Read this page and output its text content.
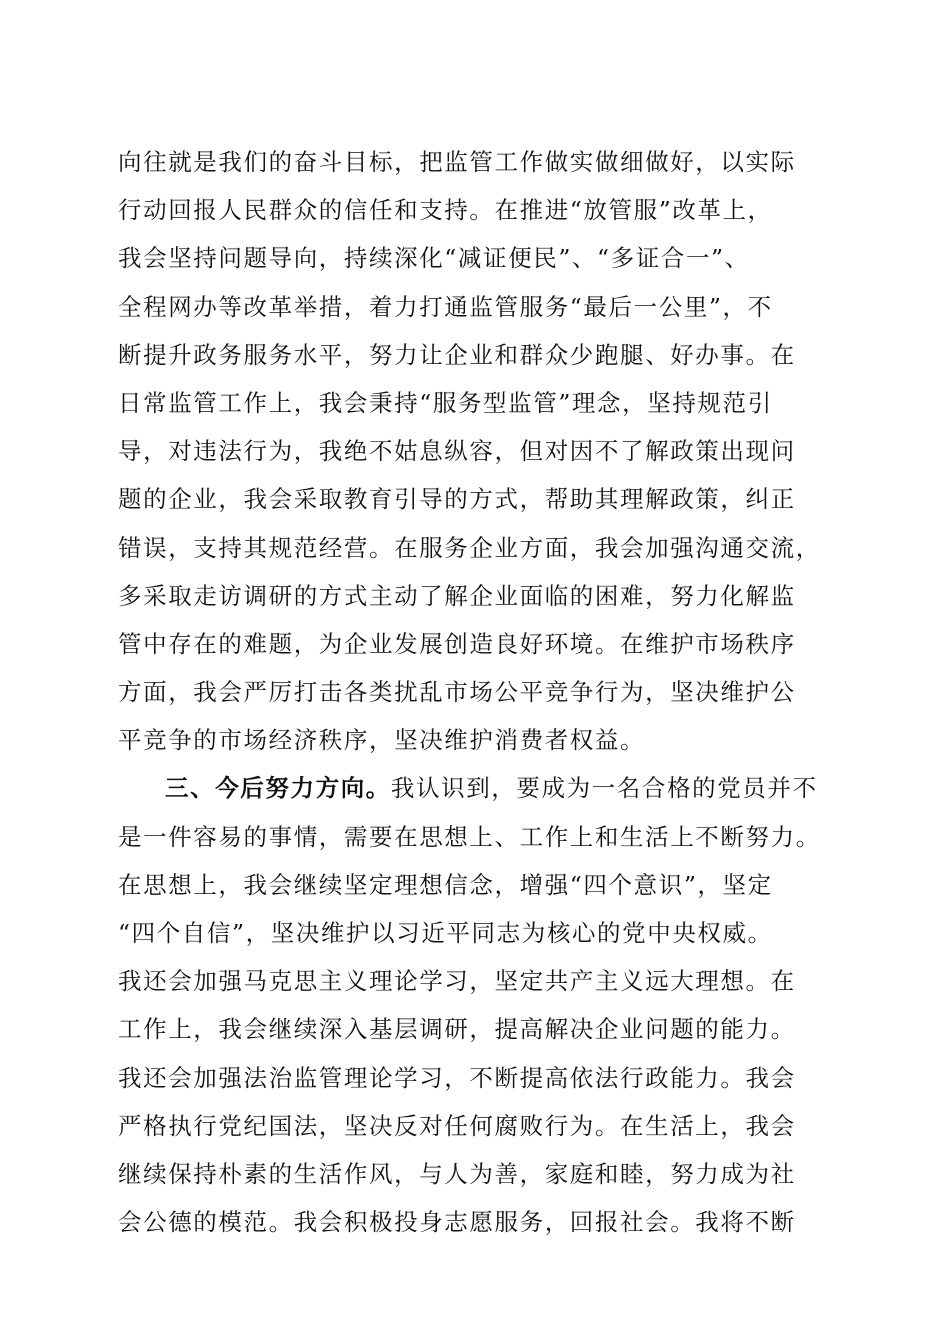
向往就是我们的奋斗目标，把监管工作做实做细做好，以实际
行动回报人民群众的信任和支持。在推进“放管服”改革上，
我会坚持问题导向，持续深化“减证便民”、“多证合一”、
全程网办等改革举措，着力打通监管服务“最后一公里”，不
断提升政务服务水平，努力让企业和群众少跑腿、好办事。在
日常监管工作上，我会秉持“服务型监管”理念，坚持规范引
导，对违法行为，我绝不姑息纵容，但对因不了解政策出现问
题的企业，我会采取教育引导的方式，帮助其理解政策，纠正
错误，支持其规范经营。在服务企业方面，我会加强沟通交流，
多采取走访调研的方式主动了解企业面临的困难，努力化解监
管中存在的难题，为企业发展创造良好环境。在维护市场秩序
方面，我会严厉打击各类扰乱市场公平竞争行为，坚决维护公
平竞争的市场经济秩序，坚决维护消费者权益。
三、今后努力方向。我认识到，要成为一名合格的党员并不
是一件容易的事情，需要在思想上、工作上和生活上不断努力。
在思想上，我会继续坚定理想信念，增强“四个意识”，坚定
“四个自信”，坚决维护以习近平同志为核心的党中央权威。
我还会加强马克思主义理论学习，坚定共产主义远大理想。在
工作上，我会继续深入基层调研，提高解决企业问题的能力。
我还会加强法治监管理论学习，不断提高依法行政能力。我会
严格执行党纪国法，坚决反对任何腐败行为。在生活上，我会
继续保持朴素的生活作风，与人为善，家庭和睦，努力成为社
会公德的模范。我会积极投身志愿服务，回报社会。我将不断
